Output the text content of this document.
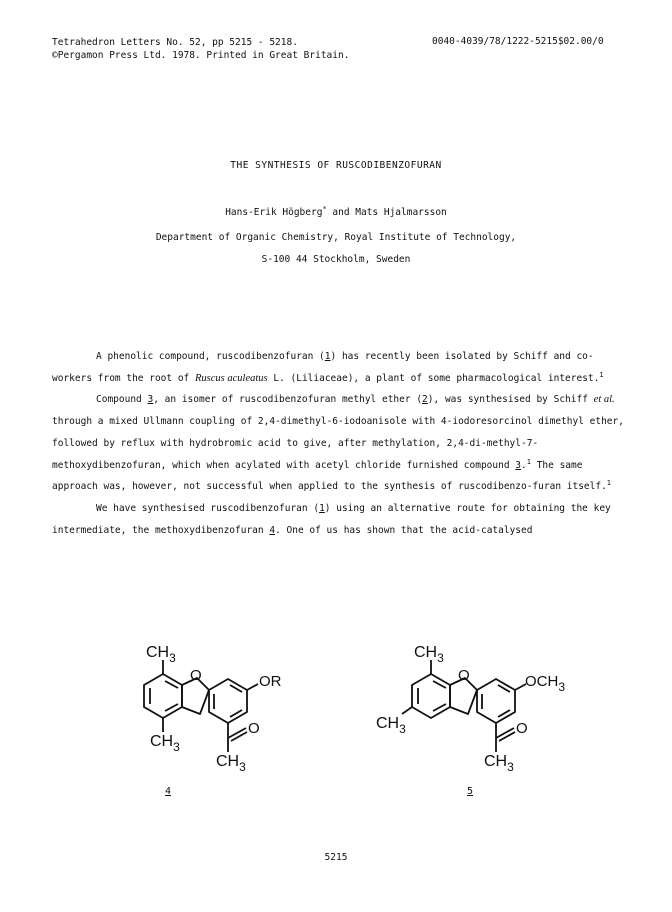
Tetrahedron Letters No. 52, pp 5215 - 5218.
©Pergamon Press Ltd. 1978. Printed in Great Britain.
0040-4039/78/1222-5215$02.00/0
THE SYNTHESIS OF RUSCODIBENZOFURAN
Hans-Erik Högberg* and Mats Hjalmarsson
Department of Organic Chemistry, Royal Institute of Technology,
S-100 44 Stockholm, Sweden

A phenolic compound, ruscodibenzofuran (1) has recently been isolated by Schiff and co-workers from the root of Ruscus aculeatus L. (Liliaceae), a plant of some pharmacological interest.$^1$

Compound 3, an isomer of ruscodibenzofuran methyl ether (2), was synthesised by Schiff et al. through a mixed Ullmann coupling of 2,4-dimethyl-6-iodoanisole with 4-iodoresorcinol dimethyl ether, followed by reflux with hydrobromic acid to give, after methylation, 2,4-di-methyl-7-methoxydibenzofuran, which when acylated with acetyl chloride furnished compound 3.$^1$ The same approach was, however, not successful when applied to the synthesis of ruscodibenzo-furan itself.$^1$

We have synthesised ruscodibenzofuran (1) using an alternative route for obtaining the key intermediate, the methoxydibenzofuran 4. One of us has shown that the acid-catalysed

$CH_3$
O	OR
O
$CH_3$
$CH_3$
4
$CH_3$
O	$OCH_3$
O
$CH_3$
$CH_3$
5
5215
